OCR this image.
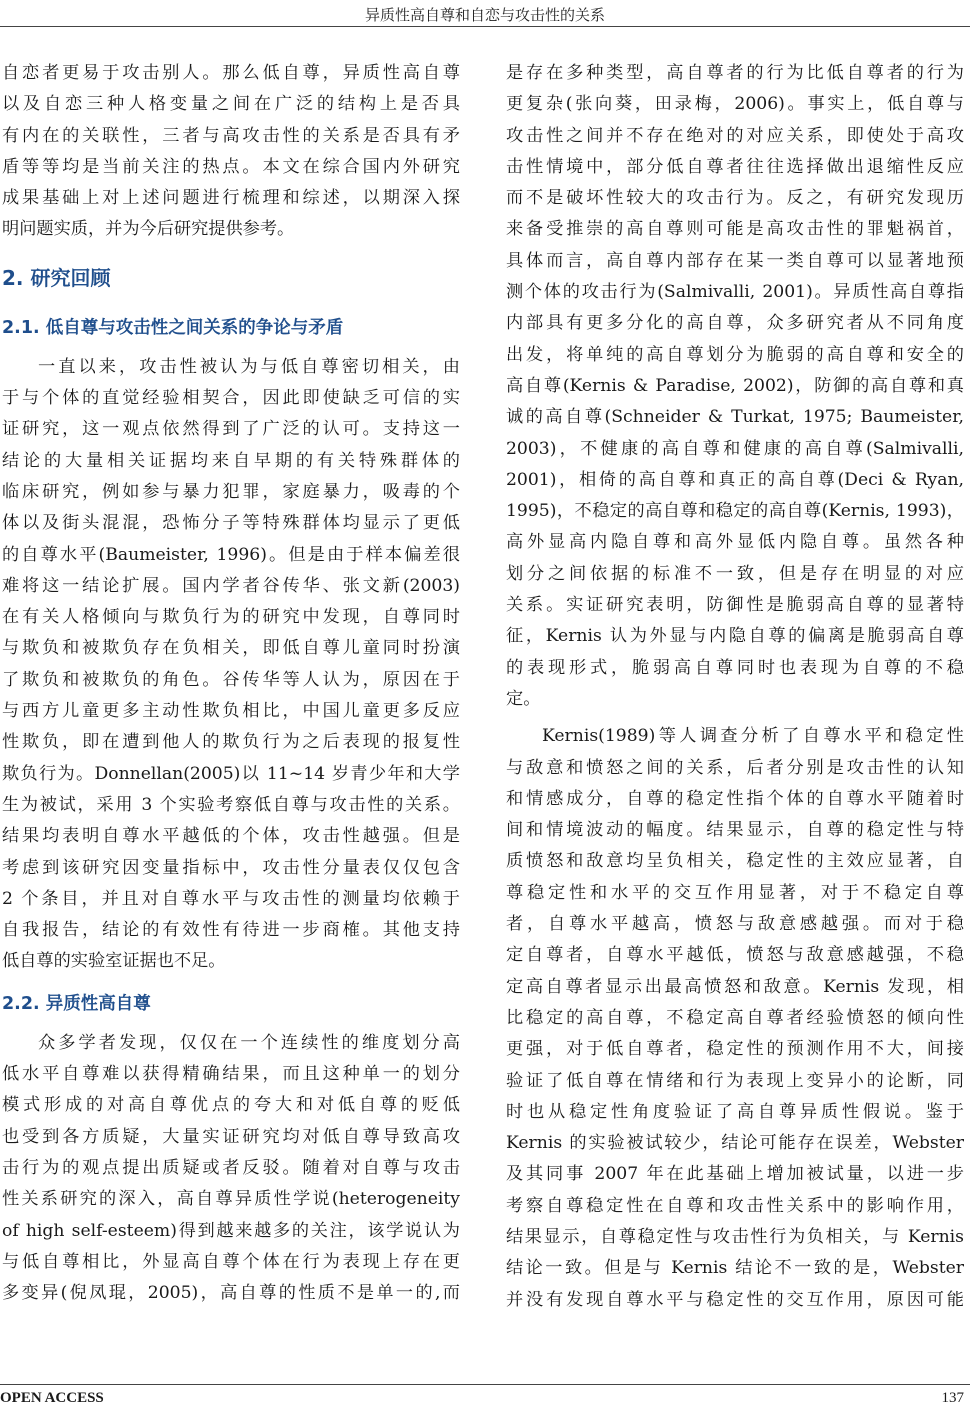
异质性高自尊和自恋与攻击性的关系
自恋者更易于攻击别人。那么低自尊，异质性高自尊
以及自恋三种人格变量之间在广泛的结构上是否具
有内在的关联性，三者与高攻击性的关系是否具有矛
盾等等均是当前关注的热点。本文在综合国内外研究
成果基础上对上述问题进行梳理和综述，以期深入探
明问题实质，并为今后研究提供参考。
2. 研究回顾
2.1. 低自尊与攻击性之间关系的争论与矛盾
一直以来，攻击性被认为与低自尊密切相关，由
于与个体的直觉经验相契合，因此即使缺乏可信的实
证研究，这一观点依然得到了广泛的认可。支持这一
结论的大量相关证据均来自早期的有关特殊群体的
临床研究，例如参与暴力犯罪，家庭暴力，吸毒的个
体以及街头混混，恐怖分子等特殊群体均显示了更低
的自尊水平(Baumeister, 1996)。但是由于样本偏差很
难将这一结论扩展。国内学者谷传华、张文新(2003)
在有关人格倾向与欺负行为的研究中发现，自尊同时
与欺负和被欺负存在负相关，即低自尊儿童同时扮演
了欺负和被欺负的角色。谷传华等人认为，原因在于
与西方儿童更多主动性欺负相比，中国儿童更多反应
性欺负，即在遭到他人的欺负行为之后表现的报复性
欺负行为。Donnellan(2005)以 11~14 岁青少年和大学
生为被试，采用 3 个实验考察低自尊与攻击性的关系。
结果均表明自尊水平越低的个体，攻击性越强。但是
考虑到该研究因变量指标中，攻击性分量表仅仅包含
2 个条目，并且对自尊水平与攻击性的测量均依赖于
自我报告，结论的有效性有待进一步商榷。其他支持
低自尊的实验室证据也不足。
2.2. 异质性高自尊
众多学者发现，仅仅在一个连续性的维度划分高
低水平自尊难以获得精确结果，而且这种单一的划分
模式形成的对高自尊优点的夸大和对低自尊的贬低
也受到各方质疑，大量实证研究均对低自尊导致高攻
击行为的观点提出质疑或者反驳。随着对自尊与攻击
性关系研究的深入，高自尊异质性学说(heterogeneity
of high self-esteem)得到越来越多的关注，该学说认为
与低自尊相比，外显高自尊个体在行为表现上存在更
多变异(倪凤琨，2005)，高自尊的性质不是单一的,而
是存在多种类型，高自尊者的行为比低自尊者的行为
更复杂(张向葵，田录梅，2006)。事实上，低自尊与
攻击性之间并不存在绝对的对应关系，即使处于高攻
击性情境中，部分低自尊者往往选择做出退缩性反应
而不是破坏性较大的攻击行为。反之，有研究发现历
来备受推崇的高自尊则可能是高攻击性的罪魁祸首，
具体而言，高自尊内部存在某一类自尊可以显著地预
测个体的攻击行为(Salmivalli, 2001)。异质性高自尊指
内部具有更多分化的高自尊，众多研究者从不同角度
出发，将单纯的高自尊划分为脆弱的高自尊和安全的
高自尊(Kernis & Paradise, 2002)，防御的高自尊和真
诚的高自尊(Schneider & Turkat, 1975; Baumeister,
2003)，不健康的高自尊和健康的高自尊(Salmivalli,
2001)，相倚的高自尊和真正的高自尊(Deci & Ryan,
1995)，不稳定的高自尊和稳定的高自尊(Kernis, 1993)，
高外显高内隐自尊和高外显低内隐自尊。虽然各种
划分之间依据的标准不一致，但是存在明显的对应
关系。实证研究表明，防御性是脆弱高自尊的显著特
征，Kernis 认为外显与内隐自尊的偏离是脆弱高自尊
的表现形式，脆弱高自尊同时也表现为自尊的不稳
定。
Kernis(1989)等人调查分析了自尊水平和稳定性
与敌意和愤怒之间的关系，后者分别是攻击性的认知
和情感成分，自尊的稳定性指个体的自尊水平随着时
间和情境波动的幅度。结果显示，自尊的稳定性与特
质愤怒和敌意均呈负相关，稳定性的主效应显著，自
尊稳定性和水平的交互作用显著，对于不稳定自尊
者，自尊水平越高，愤怒与敌意感越强。而对于稳
定自尊者，自尊水平越低，愤怒与敌意感越强，不稳
定高自尊者显示出最高愤怒和敌意。Kernis 发现，相
比稳定的高自尊，不稳定高自尊者经验愤怒的倾向性
更强，对于低自尊者，稳定性的预测作用不大，间接
验证了低自尊在情绪和行为表现上变异小的论断，同
时也从稳定性角度验证了高自尊异质性假说。鉴于
Kernis 的实验被试较少，结论可能存在误差，Webster
及其同事 2007 年在此基础上增加被试量，以进一步
考察自尊稳定性在自尊和攻击性关系中的影响作用，
结果显示，自尊稳定性与攻击性行为负相关，与 Kernis
结论一致。但是与 Kernis 结论不一致的是，Webster
并没有发现自尊水平与稳定性的交互作用，原因可能
OPEN ACCESS	137
